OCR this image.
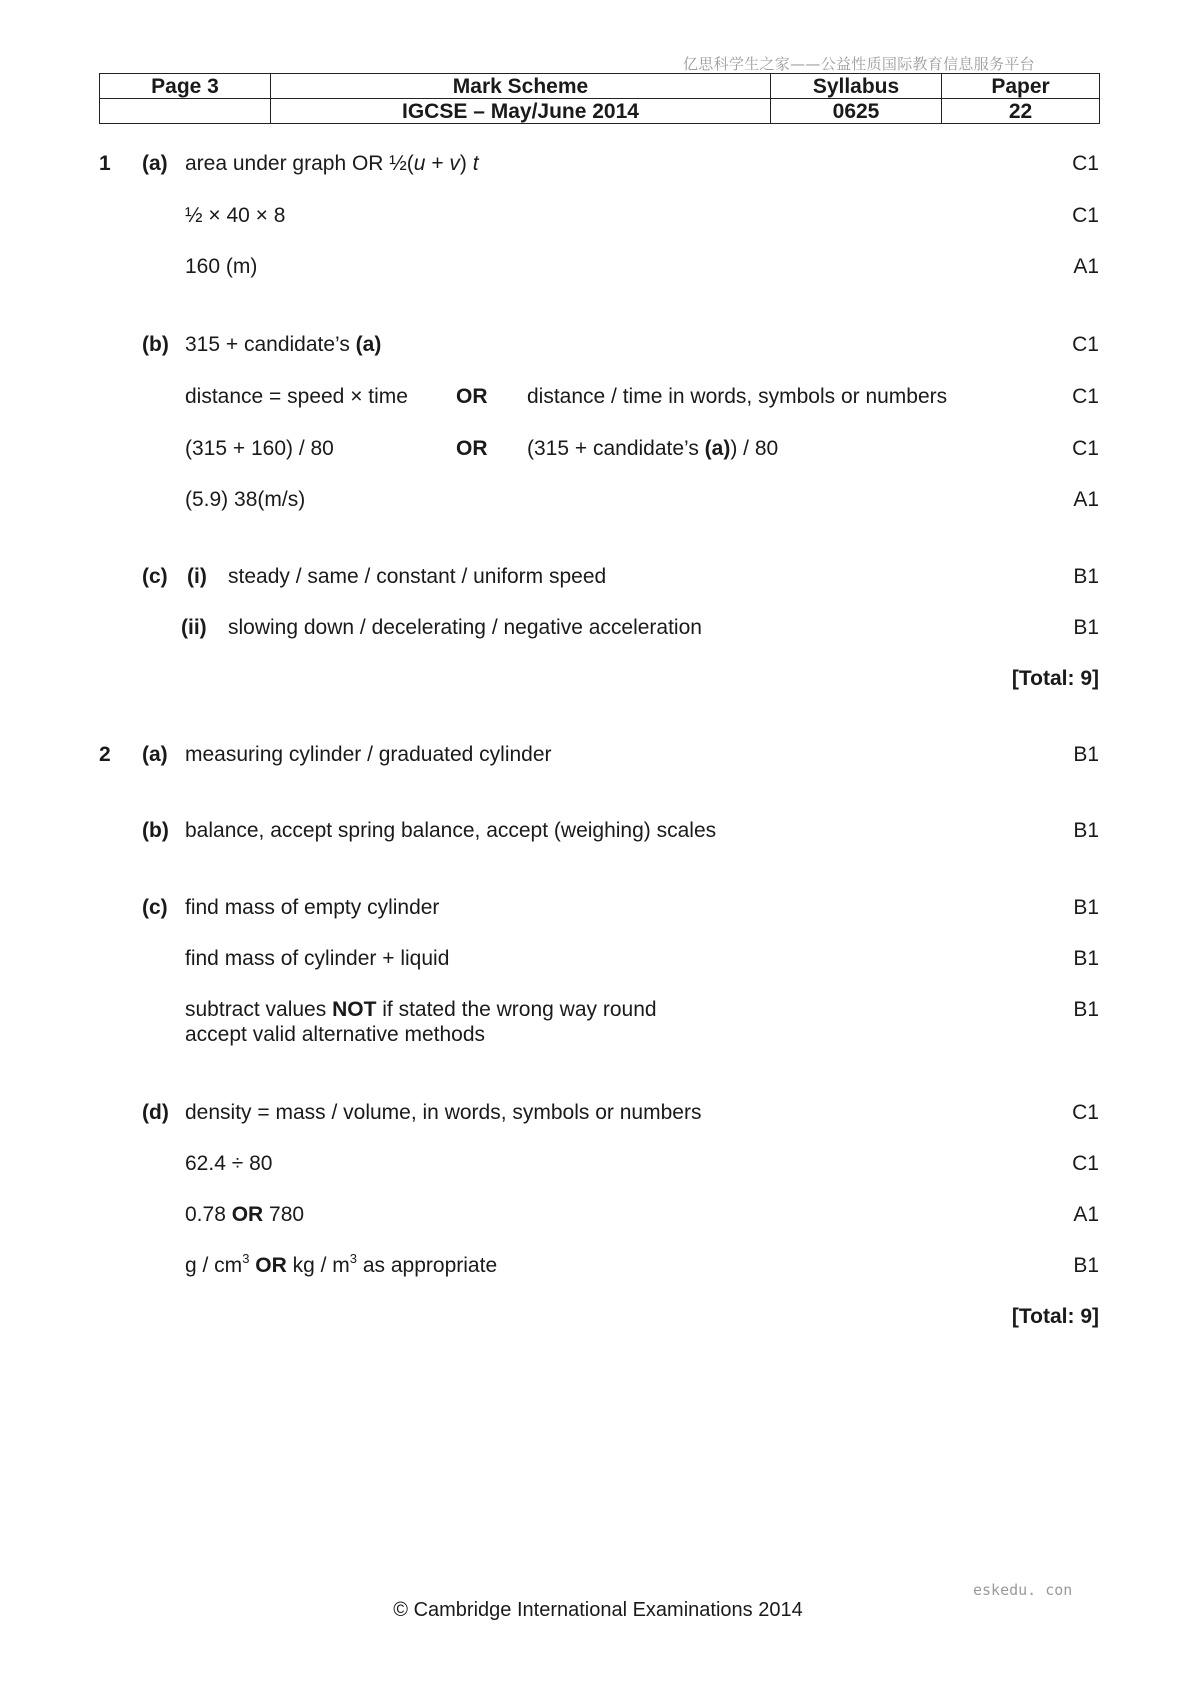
亿思科学生之家——公益性质国际教育信息服务平台
Page 3	Mark Scheme	Syllabus	Paper
	IGCSE – May/June 2014	0625	22
1 (a) area under graph OR ½(u + v) t	C1
½ × 40 × 8	C1
160 (m)	A1
(b) 315 + candidate’s (a)	C1
distance = speed × time OR distance / time in words, symbols or numbers	C1
(315 + 160) / 80	OR (315 + candidate’s (a)) / 80	C1
(5.9) 38(m/s)	A1
(c) (i) steady / same / constant / uniform speed	B1
(ii) slowing down / decelerating / negative acceleration	B1
[Total: 9]
2 (a) measuring cylinder / graduated cylinder	B1
(b) balance, accept spring balance, accept (weighing) scales	B1
(c) find mass of empty cylinder	B1
find mass of cylinder + liquid	B1
subtract values NOT if stated the wrong way round	B1
accept valid alternative methods
(d) density = mass / volume, in words, symbols or numbers	C1
62.4 ÷ 80	C1
0.78 OR 780	A1
g / $cm^3$ OR kg / $m^3$ as appropriate	B1
[Total: 9]
eskedu. con
© Cambridge International Examinations 2014
